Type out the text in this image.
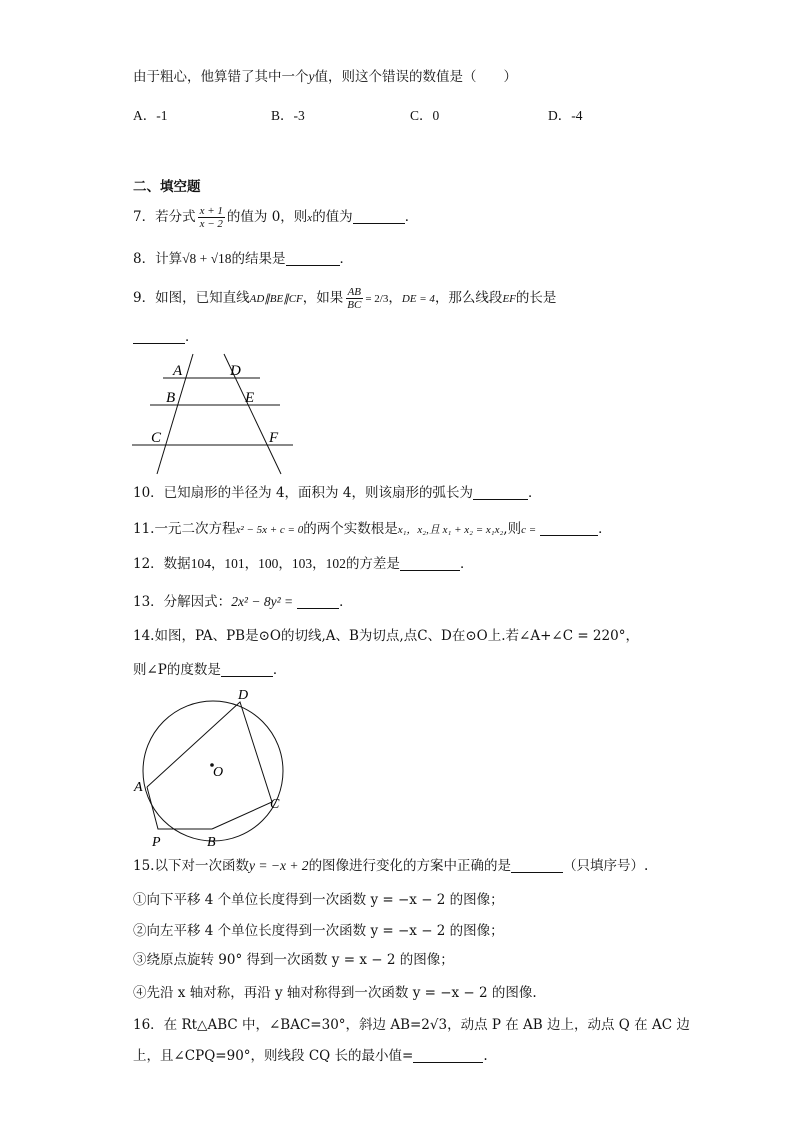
由于粗心，他算错了其中一个y值，则这个错误的数值是（　　）
A．-1	B．-3	C．0	D．-4
二、填空题
7．若分式 $\frac{x + 1}{x - 2}$ 的值为 0，则x的值为	．
8．计算√8 + √18的结果是	．
9．如图，已知直线AD∥BE∥CF，如果 $\frac{AB}{BC} = 2/3$，DE = 4，那么线段EF的长是
．
A
B
C
D
E
F
10．已知扇形的半径为 4，面积为 4，则该扇形的弧长为	．
11.一元二次方程x² − 5x + c = 0的两个实数根是x₁，x₂,且 x₁ + x₂ = x₁x₂,则c =	．
12．数据104，101，100，103，102的方差是	．
13．分解因式：2x² − 8y² =	．
14.如图，PA、PB是⊙O的切线,A、B为切点,点C、D在⊙O上.若∠A+∠C = 220°，
则∠P的度数是	．
D
O
A
C
P	B
15.以下对一次函数y = −x + 2的图像进行变化的方案中正确的是	（只填序号）.
①向下平移 4 个单位长度得到一次函数 y = −x − 2 的图像；
②向左平移 4 个单位长度得到一次函数 y = −x − 2 的图像；
③绕原点旋转 90° 得到一次函数 y = x − 2 的图像；
④先沿 x 轴对称，再沿 y 轴对称得到一次函数 y = −x − 2 的图像.
16．在 Rt△ABC 中，∠BAC=30°，斜边 AB=2√3，动点 P 在 AB 边上，动点 Q 在 AC 边
上，且∠CPQ=90°，则线段 CQ 长的最小值=	.
